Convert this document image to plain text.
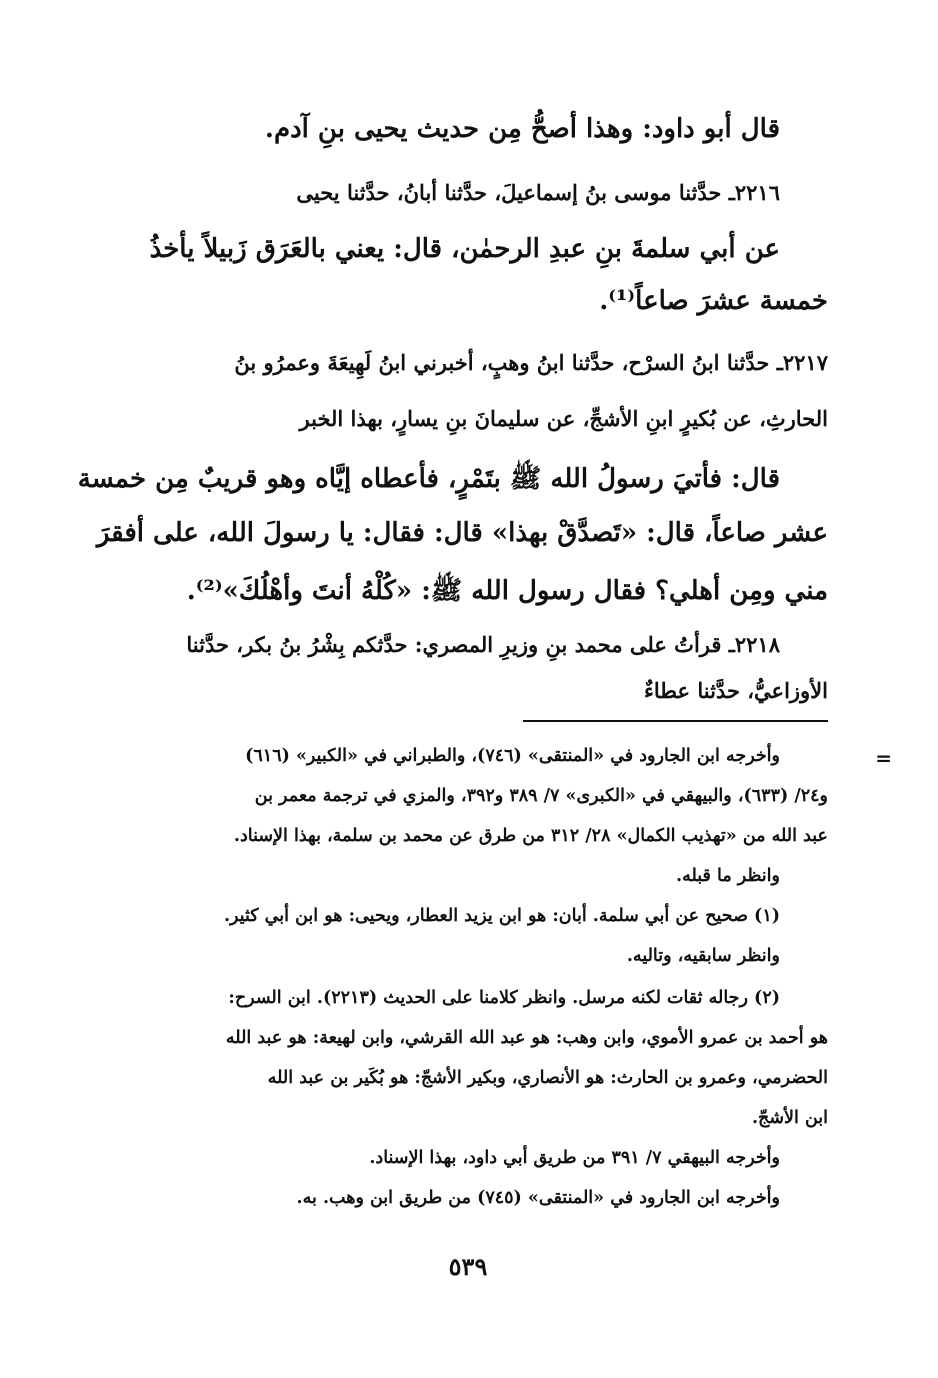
قال أبو داود: وهذا أصحُّ مِن حديث يحيى بنِ آدم.
٢٢١٦ـ حدَّثنا موسى بنُ إسماعيلَ، حدَّثنا أبانُ، حدَّثنا يحيى
عن أبي سلمةَ بنِ عبدِ الرحمٰن، قال: يعني بالعَرَق زَبيلاً يأخذُ
خمسة عشرَ صاعاً⁽¹⁾.
٢٢١٧ـ حدَّثنا ابنُ السرْح، حدَّثنا ابنُ وهبٍ، أخبرني ابنُ لَهِيعَةَ وعمرُو بنُ
الحارثِ، عن بُكيرٍ ابنِ الأشجِّ، عن سليمانَ بنِ يسارٍ، بهذا الخبر
قال: فأتيَ رسولُ الله ﷺ بتَمْرٍ، فأعطاه إيَّاه وهو قريبٌ مِن خمسة
عشر صاعاً، قال: «تَصدَّقْ بهذا» قال: فقال: يا رسولَ الله، على أفقرَ
مني ومِن أهلي؟ فقال رسول الله ﷺ: «كُلْهُ أنتَ وأهْلُكَ»⁽²⁾.
٢٢١٨ـ قرأتُ على محمد بنِ وزيرِ المصري: حدَّثكم بِشْرُ بنُ بكر، حدَّثنا
الأوزاعيُّ، حدَّثنا عطاءٌ
=
وأخرجه ابن الجارود في «المنتقى» (٧٤٦)، والطبراني في «الكبير» (٦١٦)
و٢٤/ (٦٣٣)، والبيهقي في «الكبرى» ٧/ ٣٨٩ و٣٩٢، والمزي في ترجمة معمر بن
عبد الله من «تهذيب الكمال» ٢٨/ ٣١٢ من طرق عن محمد بن سلمة، بهذا الإسناد.
وانظر ما قبله.
(١) صحيح عن أبي سلمة. أبان: هو ابن يزيد العطار، ويحيى: هو ابن أبي كثير.
وانظر سابقيه، وتاليه.
(٢) رجاله ثقات لكنه مرسل. وانظر كلامنا على الحديث (٢٢١٣). ابن السرح:
هو أحمد بن عمرو الأموي، وابن وهب: هو عبد الله القرشي، وابن لهيعة: هو عبد الله
الحضرمي، وعمرو بن الحارث: هو الأنصاري، وبكير الأشجّ: هو بُكَير بن عبد الله
ابن الأشجّ.
وأخرجه البيهقي ٧/ ٣٩١ من طريق أبي داود، بهذا الإسناد.
وأخرجه ابن الجارود في «المنتقى» (٧٤٥) من طريق ابن وهب. به.
٥٣٩
